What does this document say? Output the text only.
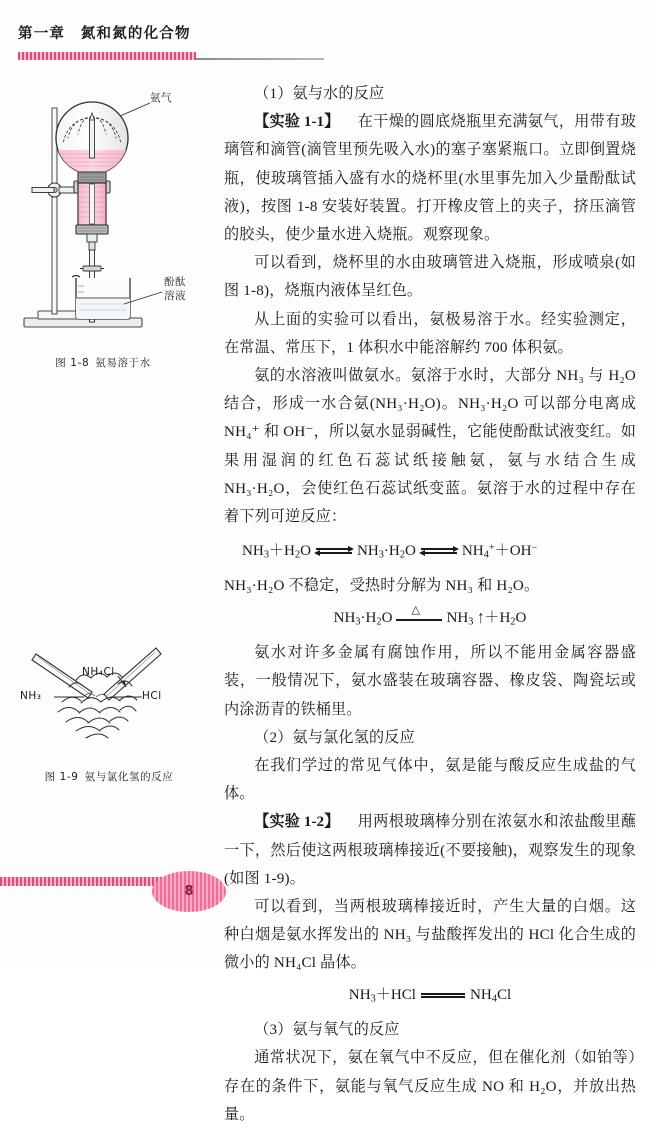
第一章　氮和氮的化合物
氨气
酚酞
溶液
图 1-8 氨易溶于水
NH₃	HCl
NH₄Cl
图 1-9 氨与氯化氢的反应

（1）氨与水的反应

【实验 1-1】 在干燥的圆底烧瓶里充满氨气，用带有玻璃管和滴管(滴管里预先吸入水)的塞子塞紧瓶口。立即倒置烧瓶，使玻璃管插入盛有水的烧杯里(水里事先加入少量酚酞试液)，按图 1-8 安装好装置。打开橡皮管上的夹子，挤压滴管的胶头，使少量水进入烧瓶。观察现象。

可以看到，烧杯里的水由玻璃管进入烧瓶，形成喷泉(如图 1-8)，烧瓶内液体呈红色。

从上面的实验可以看出，氨极易溶于水。经实验测定，在常温、常压下，1 体积水中能溶解约 700 体积氨。

氨的水溶液叫做氨水。氨溶于水时，大部分 NH₃ 与 H₂O 结合，形成一水合氨(NH₃·H₂O)。NH₃·H₂O 可以部分电离成 NH₄⁺ 和 OH⁻，所以氨水显弱碱性，它能使酚酞试液变红。如果用湿润的红色石蕊试纸接触氨，氨与水结合生成 NH₃·H₂O，会使红色石蕊试纸变蓝。氨溶于水的过程中存在着下列可逆反应：

$NH_3+H_2O$	$NH_3\cdot H_2O$	$NH_4^++OH^-$

NH₃·H₂O 不稳定，受热时分解为 NH₃ 和 H₂O。

$NH_3\cdot H_2O$ △ $NH_3$ $↑+H_2O$

氨水对许多金属有腐蚀作用，所以不能用金属容器盛装，一般情况下，氨水盛装在玻璃容器、橡皮袋、陶瓷坛或内涂沥青的铁桶里。

（2）氨与氯化氢的反应

在我们学过的常见气体中，氨是能与酸反应生成盐的气体。

【实验 1-2】 用两根玻璃棒分别在浓氨水和浓盐酸里蘸一下，然后使这两根玻璃棒接近(不要接触)，观察发生的现象(如图 1-9)。

可以看到，当两根玻璃棒接近时，产生大量的白烟。这种白烟是氨水挥发出的 NH₃ 与盐酸挥发出的 HCl 化合生成的微小的 NH₄Cl 晶体。

$NH_3+HCl$	$NH_4Cl$

（3）氨与氧气的反应

通常状况下，氨在氧气中不反应，但在催化剂（如铂等）存在的条件下，氨能与氧气反应生成 NO 和 H₂O，并放出热量。

8
